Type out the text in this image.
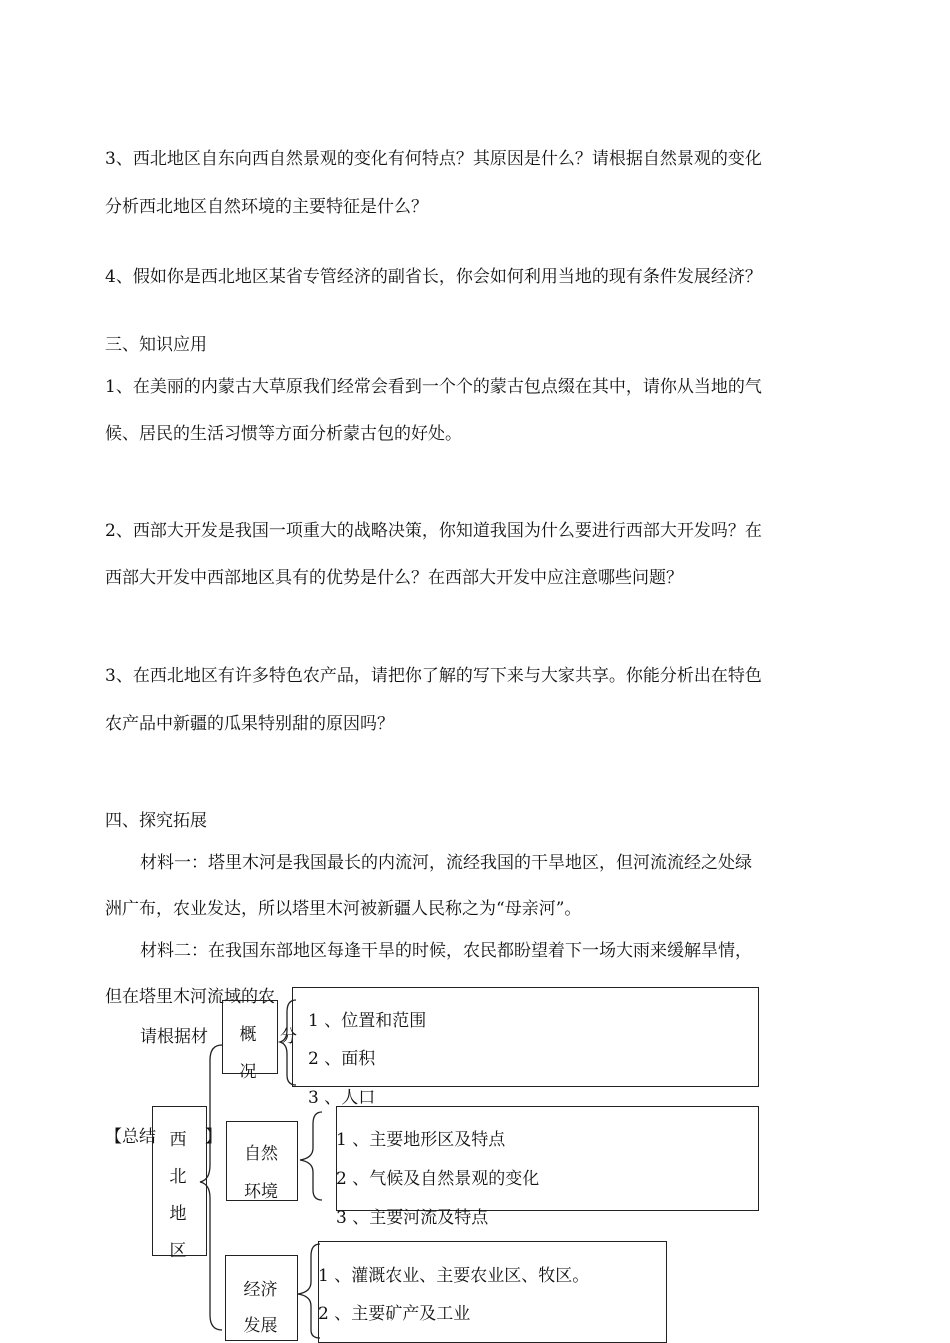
3、西北地区自东向西自然景观的变化有何特点？其原因是什么？请根据自然景观的变化
分析西北地区自然环境的主要特征是什么？
4、假如你是西北地区某省专管经济的副省长，你会如何利用当地的现有条件发展经济？
三、知识应用
1、在美丽的内蒙古大草原我们经常会看到一个个的蒙古包点缀在其中，请你从当地的气
候、居民的生活习惯等方面分析蒙古包的好处。
2、西部大开发是我国一项重大的战略决策，你知道我国为什么要进行西部大开发吗？在
西部大开发中西部地区具有的优势是什么？在西部大开发中应注意哪些问题？
3、在西北地区有许多特色农产品，请把你了解的写下来与大家共享。你能分析出在特色
农产品中新疆的瓜果特别甜的原因吗？
四、探究拓展
材料一：塔里木河是我国最长的内流河，流经我国的干旱地区，但河流流经之处绿
洲广布，农业发达，所以塔里木河被新疆人民称之为“母亲河”。
材料二：在我国东部地区每逢干旱的时候，农民都盼望着下一场大雨来缓解旱情，
但在塔里木河流域的农
请根据材	分
【总结	】
西
北
地
区
概
况
1 、位置和范围
2 、面积
3 、人口
自然
环境
1 、主要地形区及特点
2 、气候及自然景观的变化
3 、主要河流及特点
经济
发展
1 、灌溉农业、主要农业区、牧区。
2 、主要矿产及工业
